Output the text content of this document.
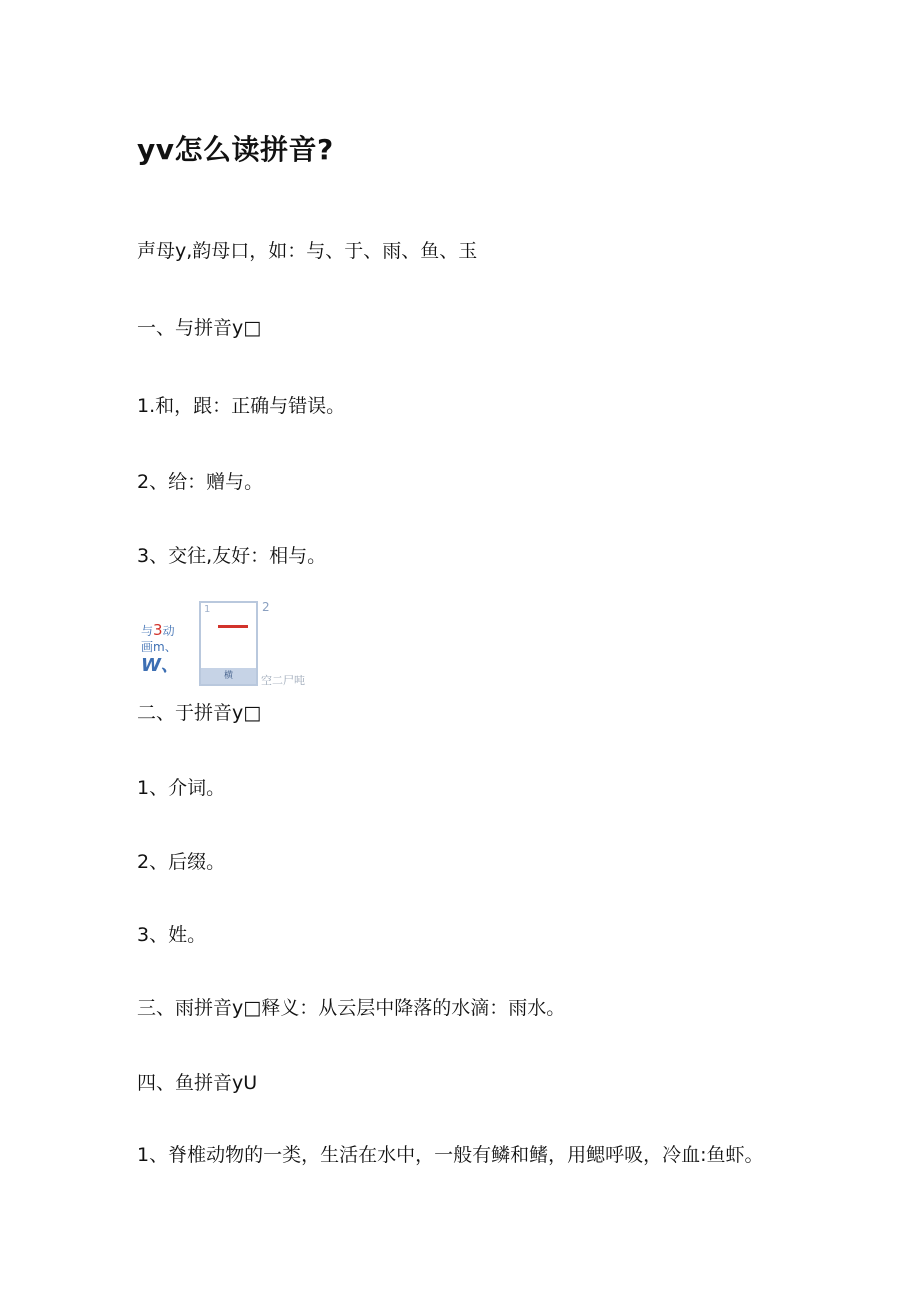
yv怎么读拼音?
声母y,韵母口，如：与、于、雨、鱼、玉
一、与拼音y□
1.和，跟：正确与错误。
2、给：赠与。
3、交往,友好：相与。
与3动
画m、
W、
1
横
2
空二尸吨
二、于拼音y□
1、介词。
2、后缀。
3、姓。
三、雨拼音y□释义：从云层中降落的水滴：雨水。
四、鱼拼音yU
1、脊椎动物的一类，生活在水中，一般有鳞和鳍，用鳃呼吸，冷血:鱼虾。
